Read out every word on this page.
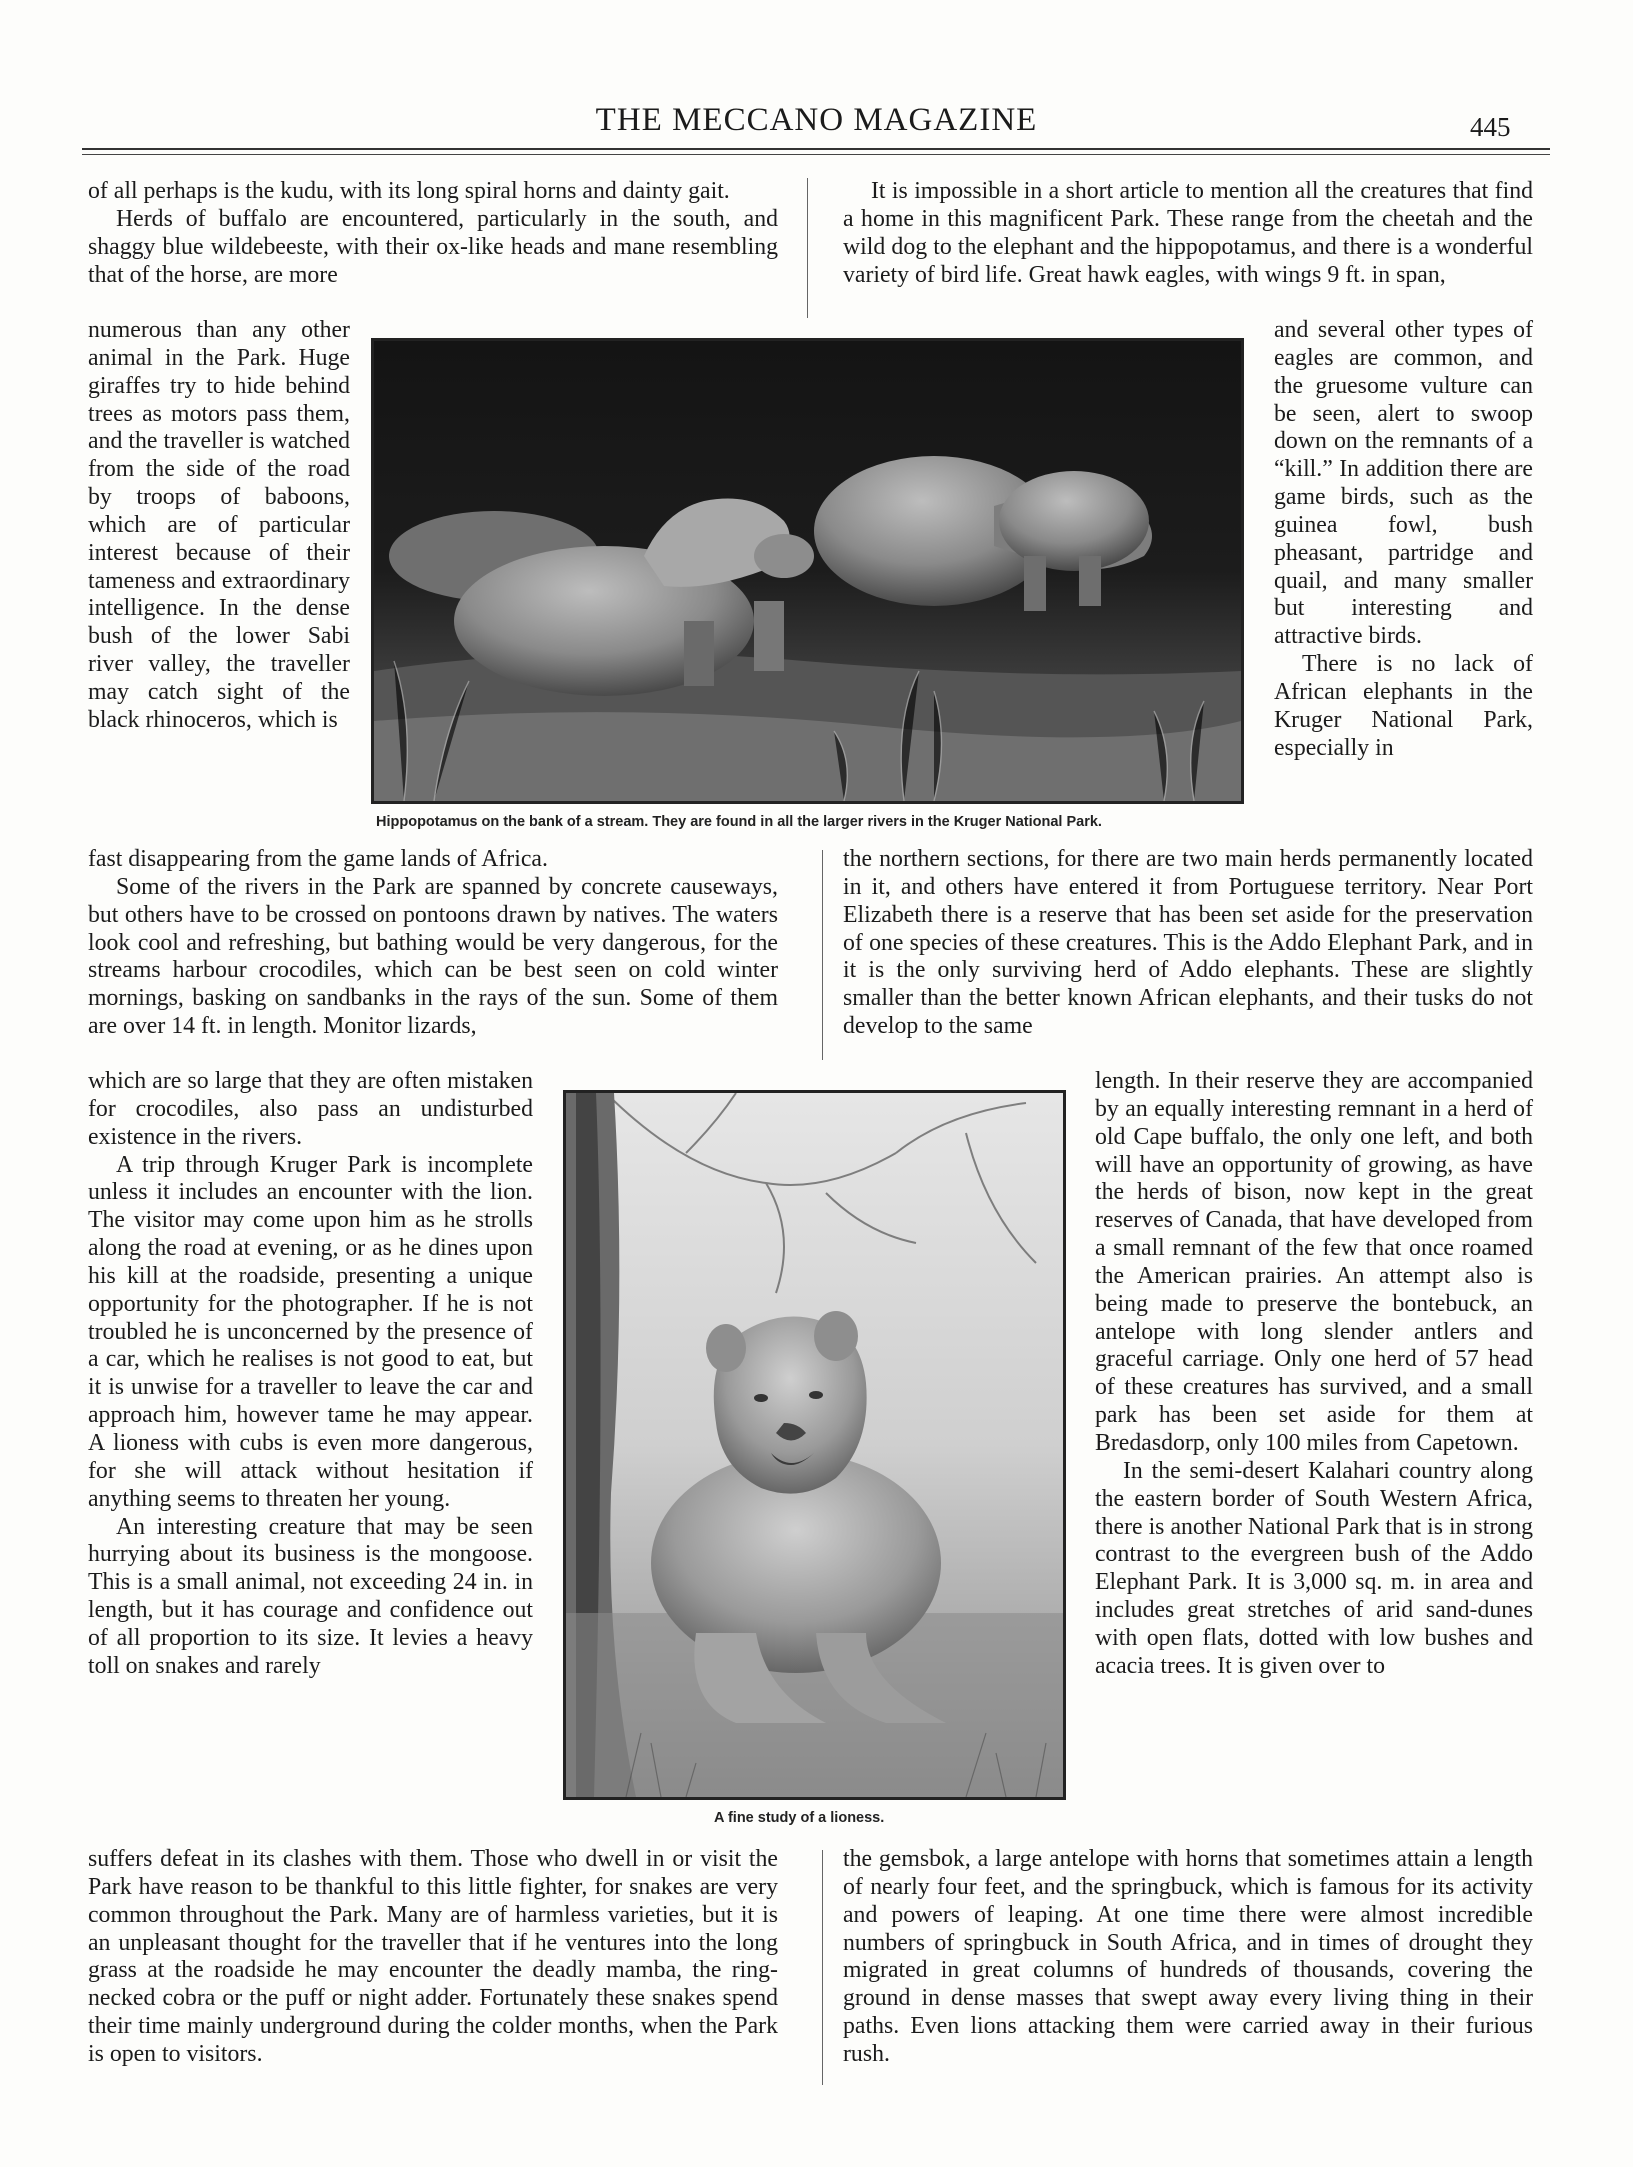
THE MECCANO MAGAZINE	445

of all perhaps is the kudu, with its long spiral horns and dainty gait.

Herds of buffalo are encountered, particularly in the south, and shaggy blue wildebeeste, with their ox-like heads and mane resembling that of the horse, are more

numerous than any other animal in the Park. Huge giraffes try to hide behind trees as motors pass them, and the traveller is watched from the side of the road by troops of baboons, which are of particular interest because of their tameness and extraordinary intelligence. In the dense bush of the lower Sabi river valley, the traveller may catch sight of the black rhinoceros, which is

fast disappearing from the game lands of Africa.

Some of the rivers in the Park are spanned by concrete causeways, but others have to be crossed on pontoons drawn by natives. The waters look cool and refreshing, but bathing would be very dangerous, for the streams harbour crocodiles, which can be best seen on cold winter mornings, basking on sandbanks in the rays of the sun. Some of them are over 14 ft. in length. Monitor lizards,

which are so large that they are often mistaken for crocodiles, also pass an undisturbed existence in the rivers.

A trip through Kruger Park is incomplete unless it includes an encounter with the lion. The visitor may come upon him as he strolls along the road at evening, or as he dines upon his kill at the roadside, presenting a unique opportunity for the photographer. If he is not troubled he is unconcerned by the presence of a car, which he realises is not good to eat, but it is unwise for a traveller to leave the car and approach him, however tame he may appear. A lioness with cubs is even more dangerous, for she will attack without hesitation if anything seems to threaten her young.

An interesting creature that may be seen hurrying about its business is the mongoose. This is a small animal, not exceeding 24 in. in length, but it has courage and confidence out of all proportion to its size. It levies a heavy toll on snakes and rarely

suffers defeat in its clashes with them. Those who dwell in or visit the Park have reason to be thankful to this little fighter, for snakes are very common throughout the Park. Many are of harmless varieties, but it is an unpleasant thought for the traveller that if he ventures into the long grass at the roadside he may encounter the deadly mamba, the ring-necked cobra or the puff or night adder. Fortunately these snakes spend their time mainly underground during the colder months, when the Park is open to visitors.

It is impossible in a short article to mention all the creatures that find a home in this magnificent Park. These range from the cheetah and the wild dog to the elephant and the hippopotamus, and there is a wonderful variety of bird life. Great hawk eagles, with wings 9 ft. in span,

and several other types of eagles are common, and the gruesome vulture can be seen, alert to swoop down on the remnants of a “kill.” In addition there are game birds, such as the guinea fowl, bush pheasant, partridge and quail, and many smaller but interesting and attractive birds.

There is no lack of African elephants in the Kruger National Park, especially in

the northern sections, for there are two main herds permanently located in it, and others have entered it from Portuguese territory. Near Port Elizabeth there is a reserve that has been set aside for the preservation of one species of these creatures. This is the Addo Elephant Park, and in it is the only surviving herd of Addo elephants. These are slightly smaller than the better known African elephants, and their tusks do not develop to the same

length. In their reserve they are accompanied by an equally interesting remnant in a herd of old Cape buffalo, the only one left, and both will have an opportunity of growing, as have the herds of bison, now kept in the great reserves of Canada, that have developed from a small remnant of the few that once roamed the American prairies. An attempt also is being made to preserve the bontebuck, an antelope with long slender antlers and graceful carriage. Only one herd of 57 head of these creatures has survived, and a small park has been set aside for them at Bredasdorp, only 100 miles from Capetown.

In the semi-desert Kalahari country along the eastern border of South Western Africa, there is another National Park that is in strong contrast to the evergreen bush of the Addo Elephant Park. It is 3,000 sq. m. in area and includes great stretches of arid sand-dunes with open flats, dotted with low bushes and acacia trees. It is given over to

the gemsbok, a large antelope with horns that sometimes attain a length of nearly four feet, and the springbuck, which is famous for its activity and powers of leaping. At one time there were almost incredible numbers of springbuck in South Africa, and in times of drought they migrated in great columns of hundreds of thousands, covering the ground in dense masses that swept away every living thing in their paths. Even lions attacking them were carried away in their furious rush.

Hippopotamus on the bank of a stream. They are found in all the larger rivers in the Kruger National Park.
A fine study of a lioness.
